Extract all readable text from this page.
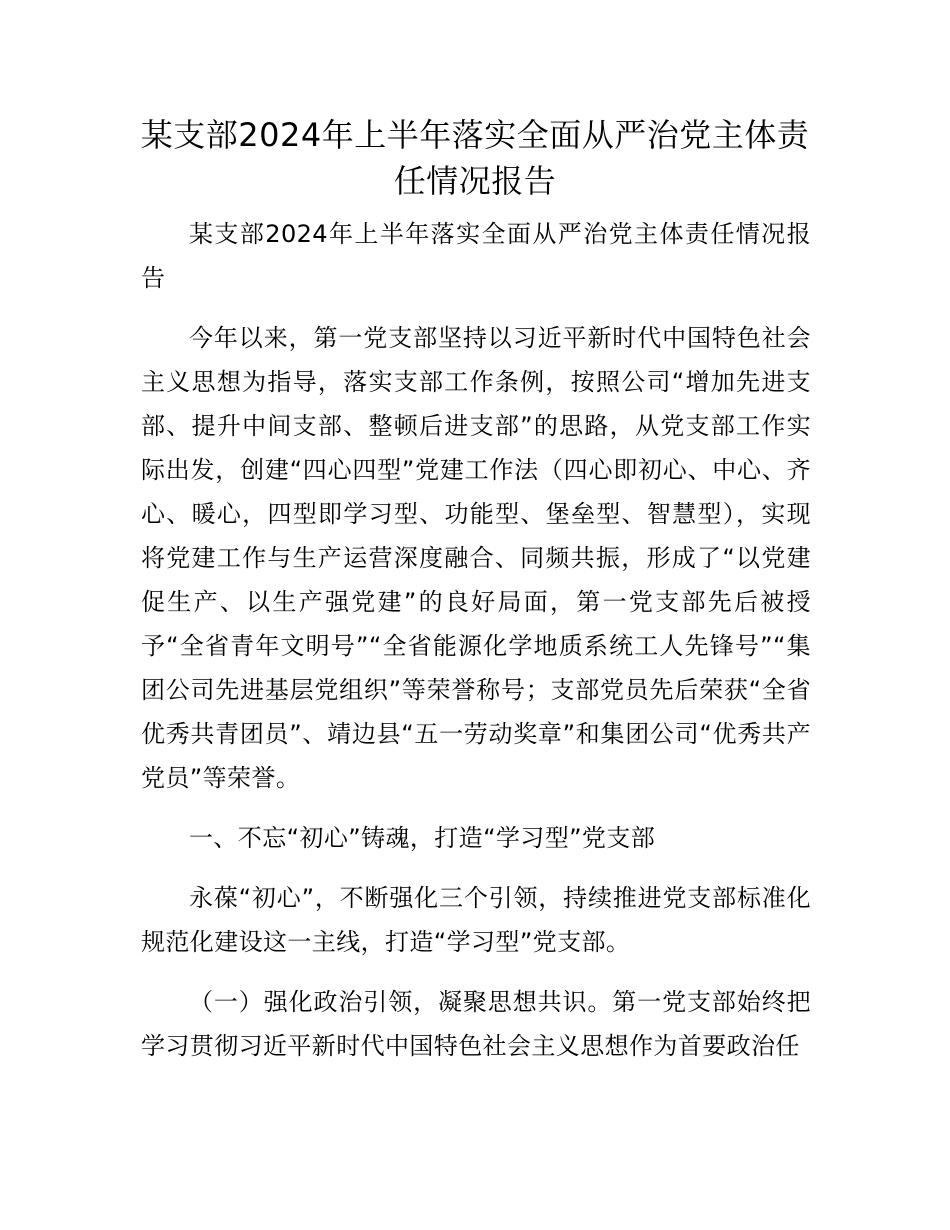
某支部2024年上半年落实全面从严治党主体责任情况报告

某支部2024年上半年落实全面从严治党主体责任情况报告

今年以来，第一党支部坚持以习近平新时代中国特色社会主义思想为指导，落实支部工作条例，按照公司“增加先进支部、提升中间支部、整顿后进支部”的思路，从党支部工作实际出发，创建“四心四型”党建工作法（四心即初心、中心、齐心、暖心，四型即学习型、功能型、堡垒型、智慧型），实现将党建工作与生产运营深度融合、同频共振，形成了“以党建促生产、以生产强党建”的良好局面，第一党支部先后被授予“全省青年文明号”“全省能源化学地质系统工人先锋号”“集团公司先进基层党组织”等荣誉称号；支部党员先后荣获“全省优秀共青团员”、靖边县“五一劳动奖章”和集团公司“优秀共产党员”等荣誉。

一、不忘“初心”铸魂，打造“学习型”党支部

永葆“初心”，不断强化三个引领，持续推进党支部标准化规范化建设这一主线，打造“学习型”党支部。

（一）强化政治引领，凝聚思想共识。第一党支部始终把学习贯彻习近平新时代中国特色社会主义思想作为首要政治任
